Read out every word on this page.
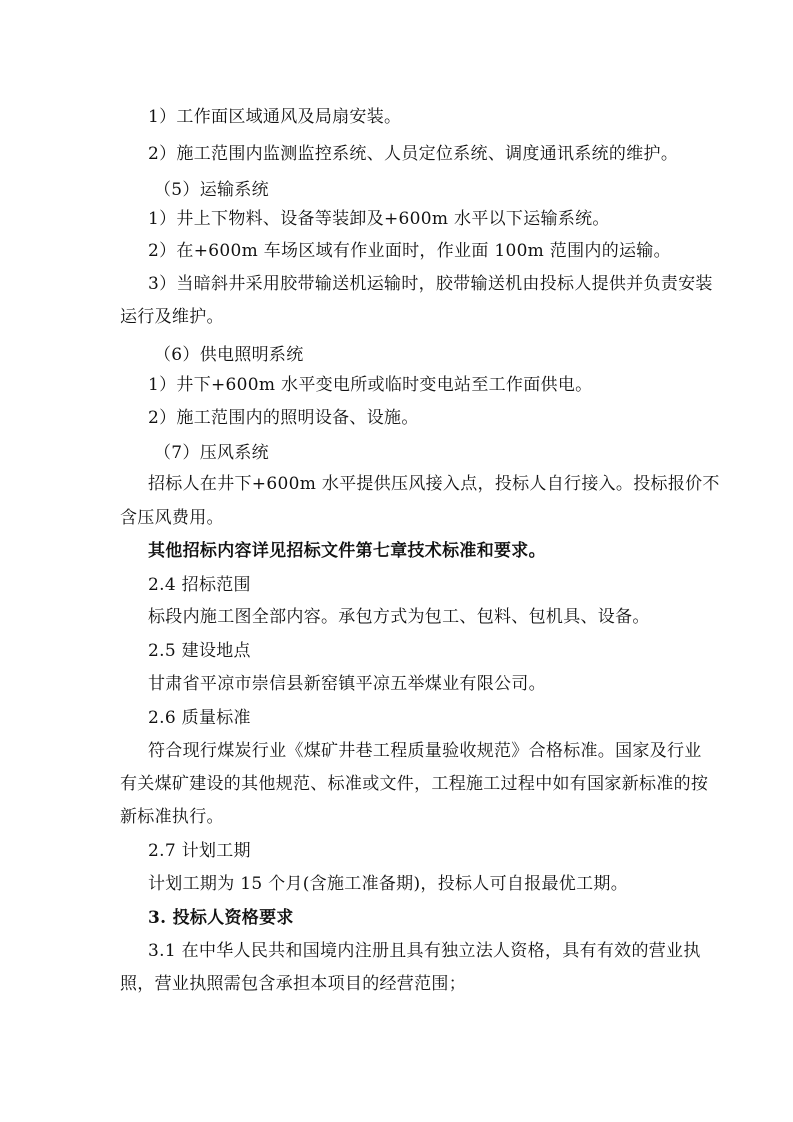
1）工作面区域通风及局扇安装。
2）施工范围内监测监控系统、人员定位系统、调度通讯系统的维护。
（5）运输系统
1）井上下物料、设备等装卸及+600m 水平以下运输系统。
2）在+600m 车场区域有作业面时，作业面 100m 范围内的运输。
3）当暗斜井采用胶带输送机运输时，胶带输送机由投标人提供并负责安装
运行及维护。
（6）供电照明系统
1）井下+600m 水平变电所或临时变电站至工作面供电。
2）施工范围内的照明设备、设施。
（7）压风系统
招标人在井下+600m 水平提供压风接入点，投标人自行接入。投标报价不
含压风费用。
其他招标内容详见招标文件第七章技术标准和要求。
2.4 招标范围
标段内施工图全部内容。承包方式为包工、包料、包机具、设备。
2.5 建设地点
甘肃省平凉市崇信县新窑镇平凉五举煤业有限公司。
2.6 质量标准
符合现行煤炭行业《煤矿井巷工程质量验收规范》合格标准。国家及行业
有关煤矿建设的其他规范、标准或文件，工程施工过程中如有国家新标准的按
新标准执行。
2.7 计划工期
计划工期为 15 个月(含施工准备期)，投标人可自报最优工期。
3. 投标人资格要求
3.1 在中华人民共和国境内注册且具有独立法人资格，具有有效的营业执
照，营业执照需包含承担本项目的经营范围；
